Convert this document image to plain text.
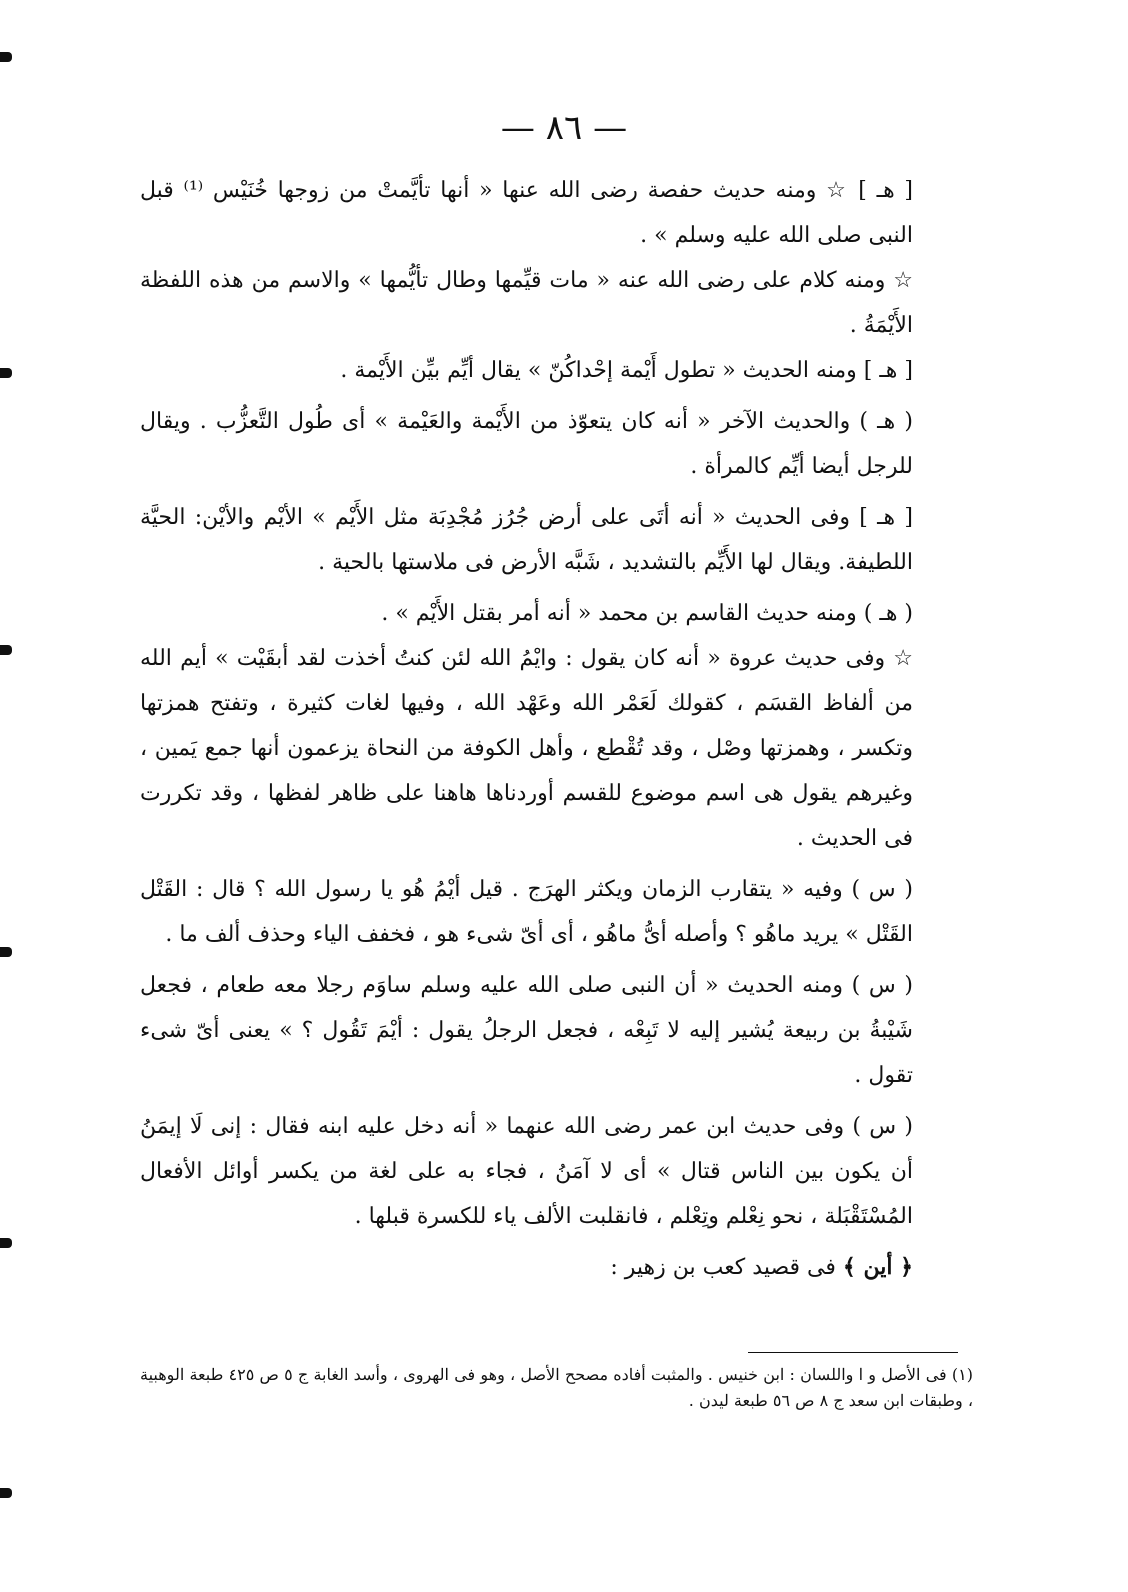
— ٨٦ —

[ هـ ] ☆ ومنه حديث حفصة رضى الله عنها « أنها تأيَّمتْ من زوجها خُنَيْس ⁽¹⁾ قبل النبى صلى الله عليه وسلم » .

☆ ومنه كلام على رضى الله عنه « مات قيِّمها وطال تأيُّمها » والاسم من هذه اللفظة الأَيْمَةُ .

[ هـ ] ومنه الحديث « تطول أَيْمة إحْداكُنّ » يقال أيِّم بيِّن الأَيْمة .

( هـ ) والحديث الآخر « أنه كان يتعوّذ من الأَيْمة والعَيْمة » أى طُول التَّعزُّب . ويقال للرجل أيضا أيِّم كالمرأة .

[ هـ ] وفى الحديث « أنه أتَى على أرض جُرُز مُجْدِبَة مثل الأَيْم » الأيْم والأيْن: الحيَّة اللطيفة. ويقال لها الأَيِّم بالتشديد ، شَبَّه الأرض فى ملاستها بالحية .

( هـ ) ومنه حديث القاسم بن محمد « أنه أمر بقتل الأَيْم » .

☆ وفى حديث عروة « أنه كان يقول : وايْمُ الله لئن كنتُ أخذت لقد أبقَيْت » أيم الله من ألفاظ القسَم ، كقولك لَعَمْر الله وعَهْد الله ، وفيها لغات كثيرة ، وتفتح همزتها وتكسر ، وهمزتها وصْل ، وقد تُقْطع ، وأهل الكوفة من النحاة يزعمون أنها جمع يَمين ، وغيرهم يقول هى اسم موضوع للقسم أوردناها هاهنا على ظاهر لفظها ، وقد تكررت فى الحديث .

( س ) وفيه « يتقارب الزمان ويكثر الهرَج . قيل أيْمُ هُو يا رسول الله ؟ قال : القَتْل القَتْل » يريد ماهُو ؟ وأصله أىُّ ماهُو ، أى أىّ شىء هو ، فخفف الياء وحذف ألف ما .

( س ) ومنه الحديث « أن النبى صلى الله عليه وسلم ساوَم رجلا معه طعام ، فجعل شَيْبةُ بن ربيعة يُشير إليه لا تَبِعْه ، فجعل الرجلُ يقول : أيْمَ تَقُول ؟ » يعنى أىّ شىء تقول .

( س ) وفى حديث ابن عمر رضى الله عنهما « أنه دخل عليه ابنه فقال : إنى لَا إيمَنُ أن يكون بين الناس قتال » أى لا آمَنُ ، فجاء به على لغة من يكسر أوائل الأفعال المُسْتَقْبَلة ، نحو نِعْلم وتِعْلم ، فانقلبت الألف ياء للكسرة قبلها .

﴿ أين ﴾ فى قصيد كعب بن زهير :

(١) فى الأصل و ا واللسان : ابن خنيس . والمثبت أفاده مصحح الأصل ، وهو فى الهروى ، وأسد الغابة ج ٥ ص ٤٢٥ طبعة الوهبية ، وطبقات ابن سعد ج ٨ ص ٥٦ طبعة ليدن .
